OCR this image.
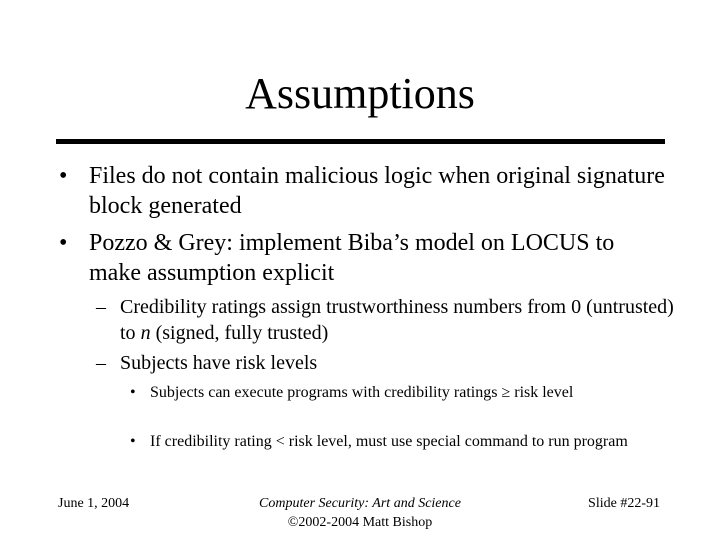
Assumptions
• Files do not contain malicious logic when original signature block generated
• Pozzo & Grey: implement Biba’s model on LOCUS to make assumption explicit
– Credibility ratings assign trustworthiness numbers from 0 (untrusted) to n (signed, fully trusted)
– Subjects have risk levels
• Subjects can execute programs with credibility ratings ≥ risk level
• If credibility rating < risk level, must use special command to run program
June 1, 2004	Computer Security: Art and Science
©2002-2004 Matt Bishop
Slide #22-91
